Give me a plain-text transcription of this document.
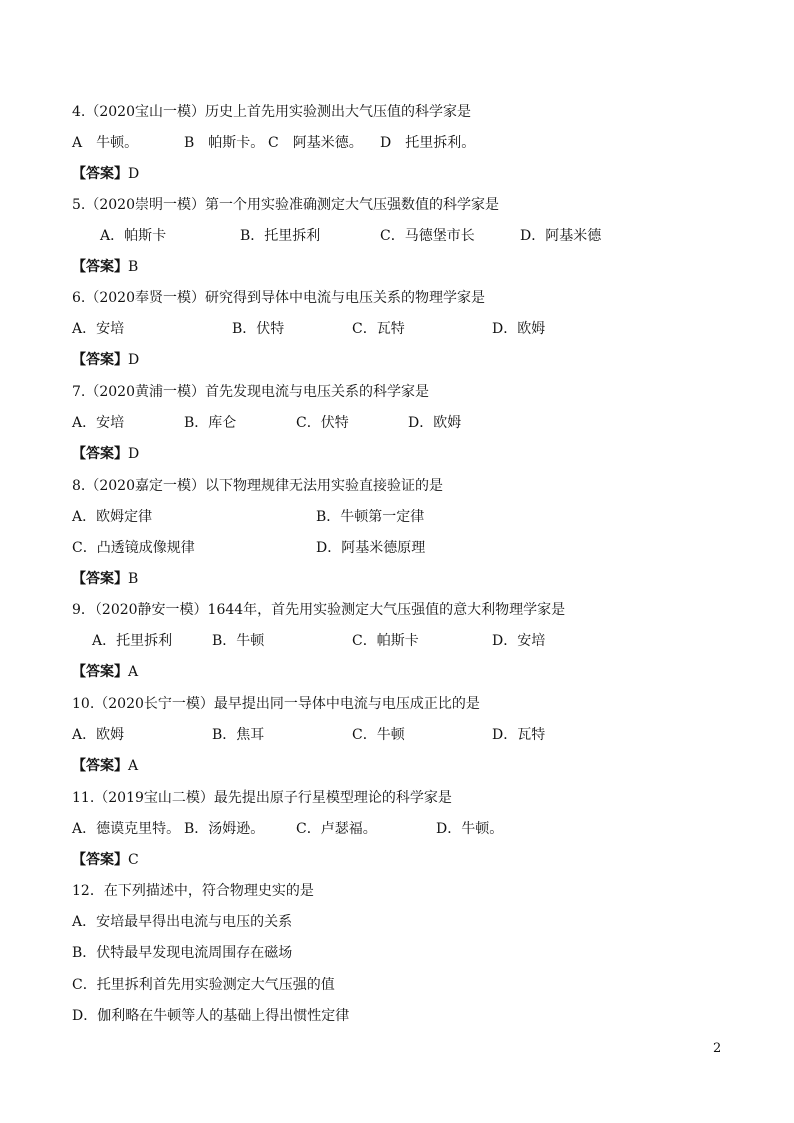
4.（2020宝山一模）历史上首先用实验测出大气压值的科学家是
A　牛顿。	B　帕斯卡。 C　阿基米德。 D　托里拆利。
【答案】D
5.（2020崇明一模）第一个用实验准确测定大气压强数值的科学家是
A．帕斯卡	B．托里拆利	C．马德堡市长	D．阿基米德
【答案】B
6.（2020奉贤一模）研究得到导体中电流与电压关系的物理学家是
A．安培	B．伏特	C．瓦特	D．欧姆
【答案】D
7.（2020黄浦一模）首先发现电流与电压关系的科学家是
A．安培	B．库仑	C．伏特	D．欧姆
【答案】D
8.（2020嘉定一模）以下物理规律无法用实验直接验证的是
A．欧姆定律	B．牛顿第一定律
C．凸透镜成像规律	D．阿基米德原理
【答案】B
9．（2020静安一模）1644年，首先用实验测定大气压强值的意大利物理学家是
A．托里拆利	B．牛顿	C．帕斯卡	D．安培
【答案】A
10.（2020长宁一模）最早提出同一导体中电流与电压成正比的是
A．欧姆	B．焦耳	C．牛顿	D．瓦特
【答案】A
11.（2019宝山二模）最先提出原子行星模型理论的科学家是
A．德谟克里特。 B．汤姆逊。 C．卢瑟福。	D．牛顿。
【答案】C
12．在下列描述中，符合物理史实的是
A．安培最早得出电流与电压的关系
B．伏特最早发现电流周围存在磁场
C．托里拆利首先用实验测定大气压强的值
D．伽利略在牛顿等人的基础上得出惯性定律
2
